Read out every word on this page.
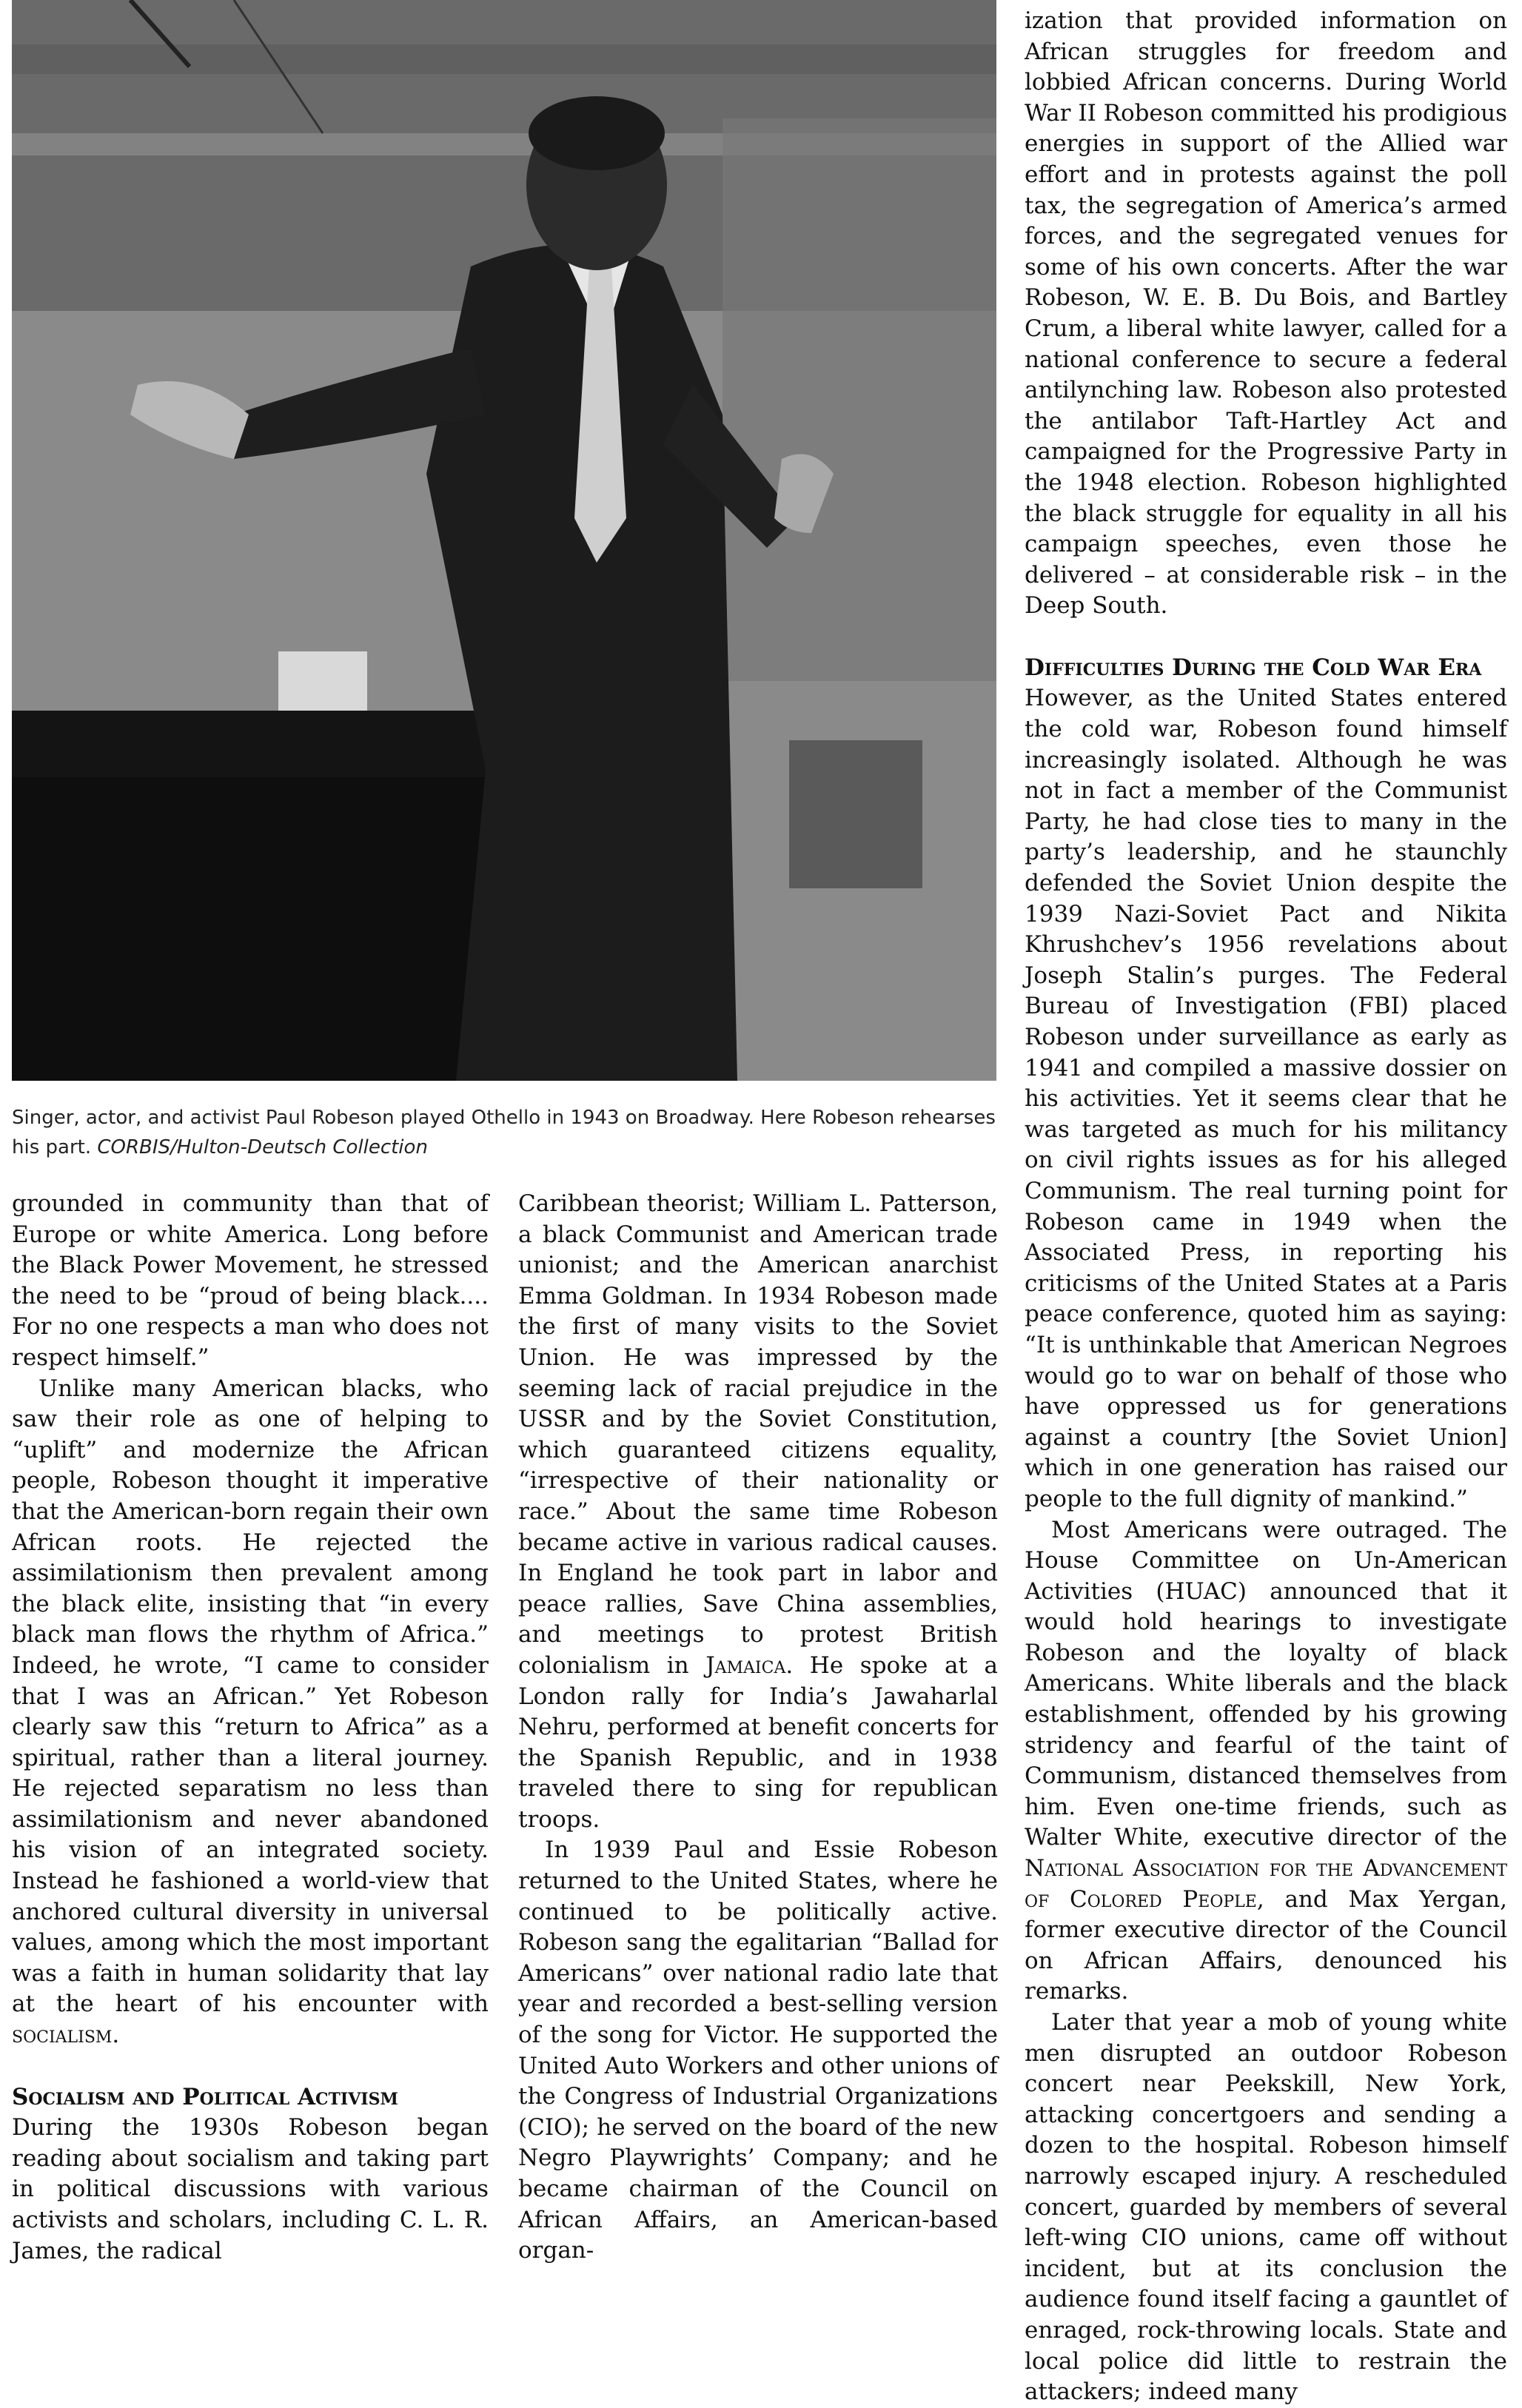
Singer, actor, and activist Paul Robeson played Othello in 1943 on Broadway. Here Robeson rehearses his part. CORBIS/Hulton-Deutsch Collection

grounded in community than that of Europe or white America. Long before the Black Power Movement, he stressed the need to be “proud of being black.... For no one respects a man who does not respect himself.”

Unlike many American blacks, who saw their role as one of helping to “uplift” and modernize the African people, Robeson thought it imperative that the American-born regain their own African roots. He rejected the assimilationism then prevalent among the black elite, insisting that “in every black man flows the rhythm of Africa.” Indeed, he wrote, “I came to consider that I was an African.” Yet Robeson clearly saw this “return to Africa” as a spiritual, rather than a literal journey. He rejected separatism no less than assimilationism and never abandoned his vision of an integrated society. Instead he fashioned a world-view that anchored cultural diversity in universal values, among which the most important was a faith in human solidarity that lay at the heart of his encounter with socialism.

Socialism and Political Activism

During the 1930s Robeson began reading about socialism and taking part in political discussions with various activists and scholars, including C. L. R. James, the radical

Caribbean theorist; William L. Patterson, a black Communist and American trade unionist; and the American anarchist Emma Goldman. In 1934 Robeson made the first of many visits to the Soviet Union. He was impressed by the seeming lack of racial prejudice in the USSR and by the Soviet Constitution, which guaranteed citizens equality, “irrespective of their nationality or race.” About the same time Robeson became active in various radical causes. In England he took part in labor and peace rallies, Save China assemblies, and meetings to protest British colonialism in Jamaica. He spoke at a London rally for India’s Jawaharlal Nehru, performed at benefit concerts for the Spanish Republic, and in 1938 traveled there to sing for republican troops.

In 1939 Paul and Essie Robeson returned to the United States, where he continued to be politically active. Robeson sang the egalitarian “Ballad for Americans” over national radio late that year and recorded a best-selling version of the song for Victor. He supported the United Auto Workers and other unions of the Congress of Industrial Organizations (CIO); he served on the board of the new Negro Playwrights’ Company; and he became chairman of the Council on African Affairs, an American-based organ-

ization that provided information on African struggles for freedom and lobbied African concerns. During World War II Robeson committed his prodigious energies in support of the Allied war effort and in protests against the poll tax, the segregation of America’s armed forces, and the segregated venues for some of his own concerts. After the war Robeson, W. E. B. Du Bois, and Bartley Crum, a liberal white lawyer, called for a national conference to secure a federal antilynching law. Robeson also protested the antilabor Taft-Hartley Act and campaigned for the Progressive Party in the 1948 election. Robeson highlighted the black struggle for equality in all his campaign speeches, even those he delivered – at considerable risk – in the Deep South.

Difficulties During the Cold War Era

However, as the United States entered the cold war, Robeson found himself increasingly isolated. Although he was not in fact a member of the Communist Party, he had close ties to many in the party’s leadership, and he staunchly defended the Soviet Union despite the 1939 Nazi-Soviet Pact and Nikita Khrushchev’s 1956 revelations about Joseph Stalin’s purges. The Federal Bureau of Investigation (FBI) placed Robeson under surveillance as early as 1941 and compiled a massive dossier on his activities. Yet it seems clear that he was targeted as much for his militancy on civil rights issues as for his alleged Communism. The real turning point for Robeson came in 1949 when the Associated Press, in reporting his criticisms of the United States at a Paris peace conference, quoted him as saying: “It is unthinkable that American Negroes would go to war on behalf of those who have oppressed us for generations against a country [the Soviet Union] which in one generation has raised our people to the full dignity of mankind.”

Most Americans were outraged. The House Committee on Un-American Activities (HUAC) announced that it would hold hearings to investigate Robeson and the loyalty of black Americans. White liberals and the black establishment, offended by his growing stridency and fearful of the taint of Communism, distanced themselves from him. Even one-time friends, such as Walter White, executive director of the National Association for the Advancement of Colored People, and Max Yergan, former executive director of the Council on African Affairs, denounced his remarks.

Later that year a mob of young white men disrupted an outdoor Robeson concert near Peekskill, New York, attacking concertgoers and sending a dozen to the hospital. Robeson himself narrowly escaped injury. A rescheduled concert, guarded by members of several left-wing CIO unions, came off without incident, but at its conclusion the audience found itself facing a gauntlet of enraged, rock-throwing locals. State and local police did little to restrain the attackers; indeed many
